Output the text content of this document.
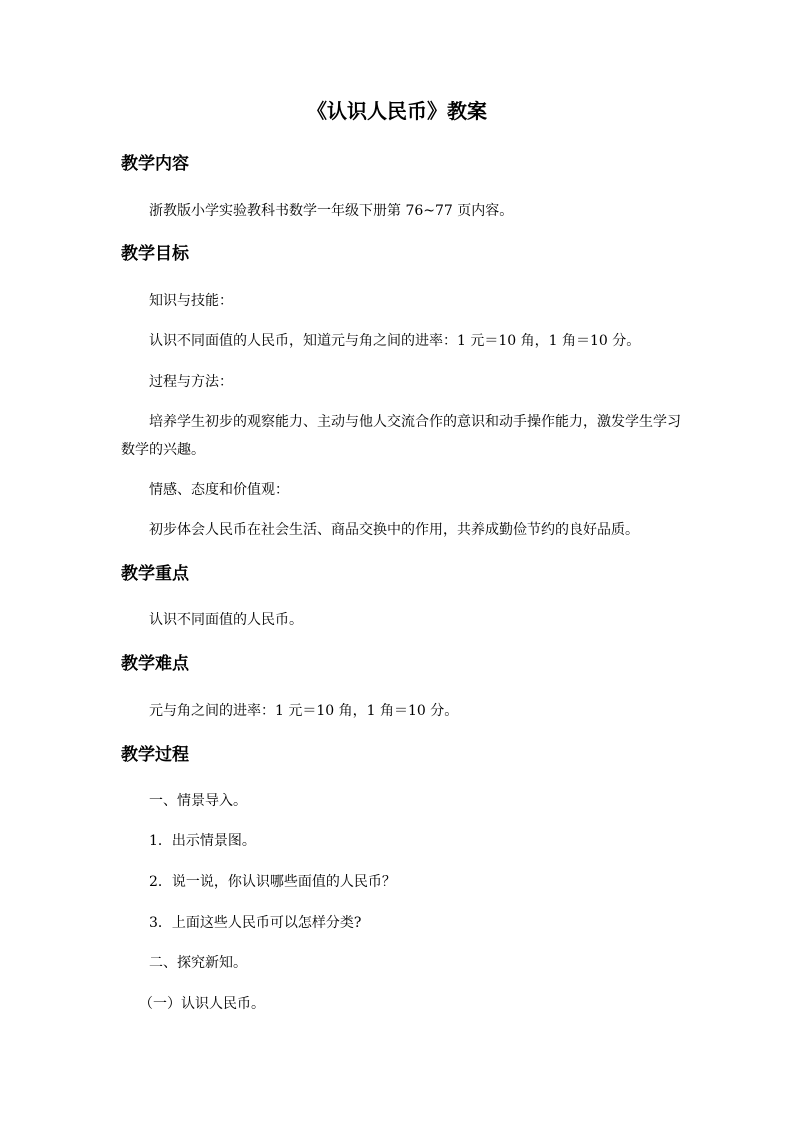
《认识人民币》教案
教学内容
浙教版小学实验教科书数学一年级下册第 76~77 页内容。
教学目标
知识与技能：
认识不同面值的人民币，知道元与角之间的进率：1 元＝10 角，1 角＝10 分。
过程与方法：
培养学生初步的观察能力、主动与他人交流合作的意识和动手操作能力，激发学生学习数学的兴趣。
情感、态度和价值观：
初步体会人民币在社会生活、商品交换中的作用，共养成勤俭节约的良好品质。
教学重点
认识不同面值的人民币。
教学难点
元与角之间的进率：1 元＝10 角，1 角＝10 分。
教学过程
一、情景导入。
1．出示情景图。
2．说一说，你认识哪些面值的人民币？
3．上面这些人民币可以怎样分类?
二、探究新知。
（一）认识人民币。
